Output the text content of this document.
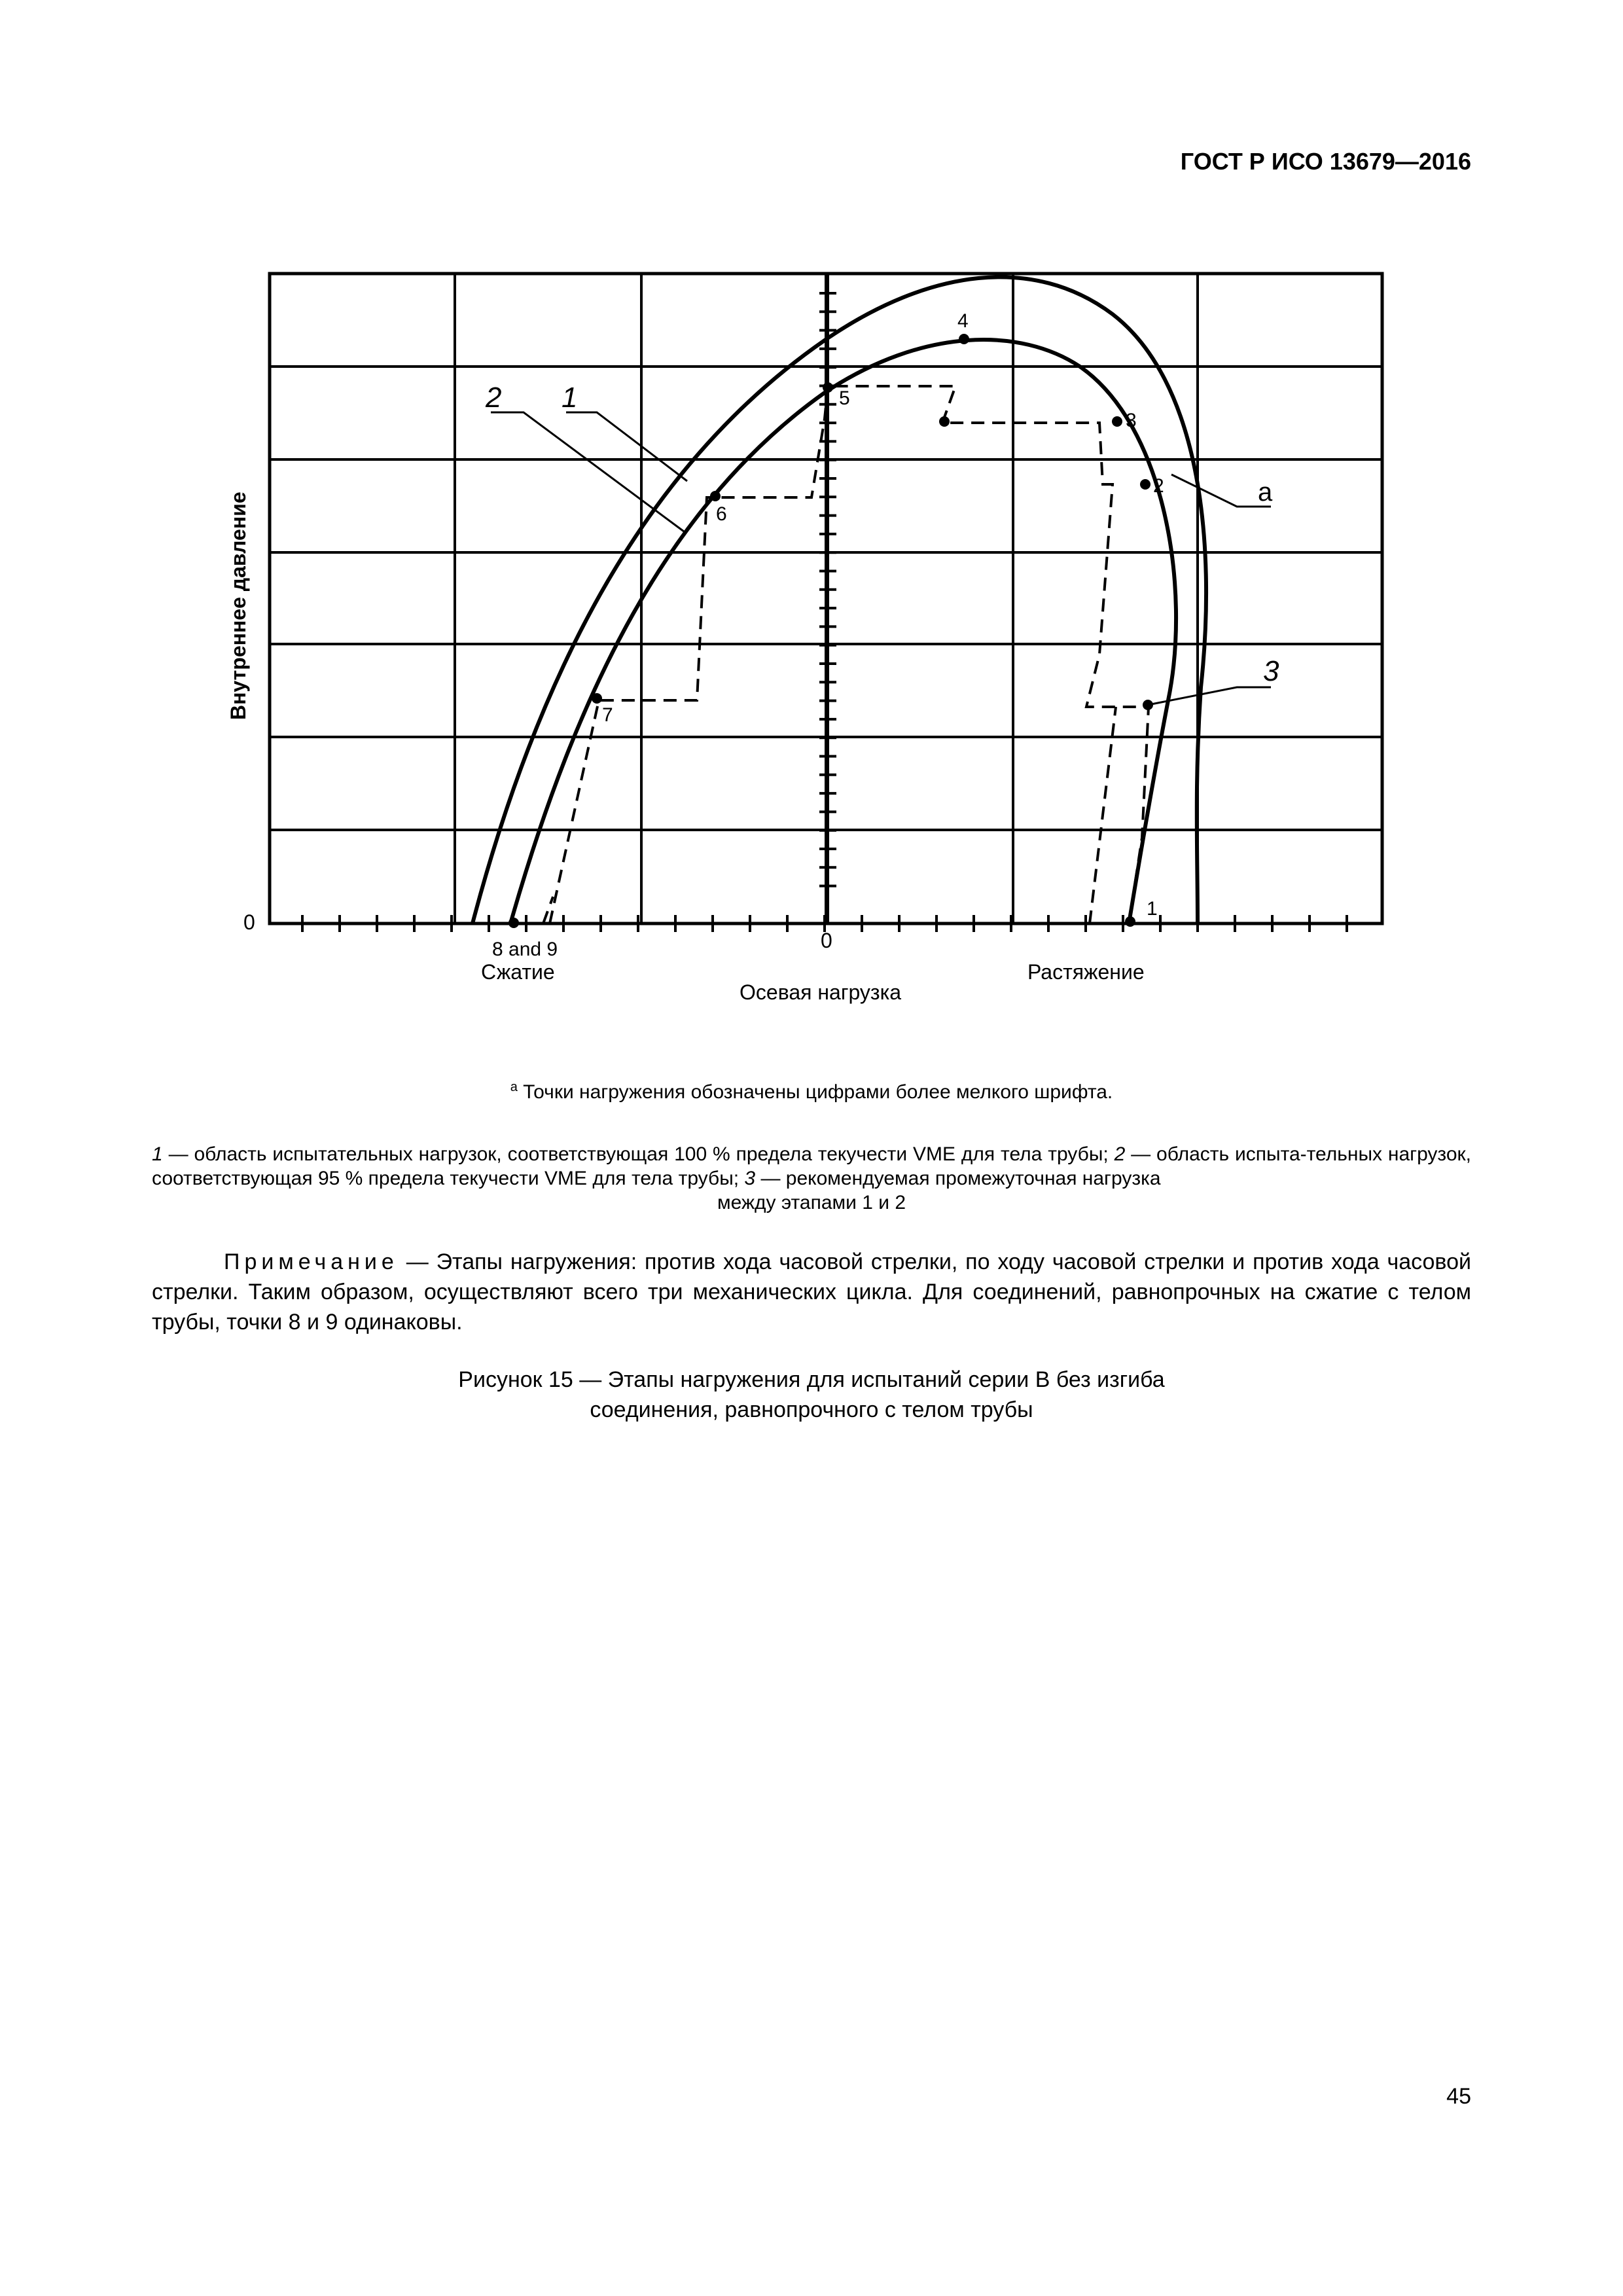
ГОСТ Р ИСО 13679—2016
1
2
3
4
5
6
7
8 and 9
2 1
3
a
0
0
Сжатие	Растяжение
Осевая нагрузка
Внутреннее давление
$^a$ Точки нагружения обозначены цифрами более мелкого шрифта.
1 — область испытательных нагрузок, соответствующая 100 % предела текучести VME для тела трубы; 2 — область испыта-тельных нагрузок, соответствующая 95 % предела текучести VME для тела трубы; 3 — рекомендуемая промежуточная нагрузка
между этапами 1 и 2
Примечание — Этапы нагружения: против хода часовой стрелки, по ходу часовой стрелки и против хода часовой стрелки. Таким образом, осуществляют всего три механических цикла. Для соединений, равнопрочных на сжатие с телом трубы, точки 8 и 9 одинаковы.
Рисунок 15 — Этапы нагружения для испытаний серии В без изгиба
соединения, равнопрочного с телом трубы
45
